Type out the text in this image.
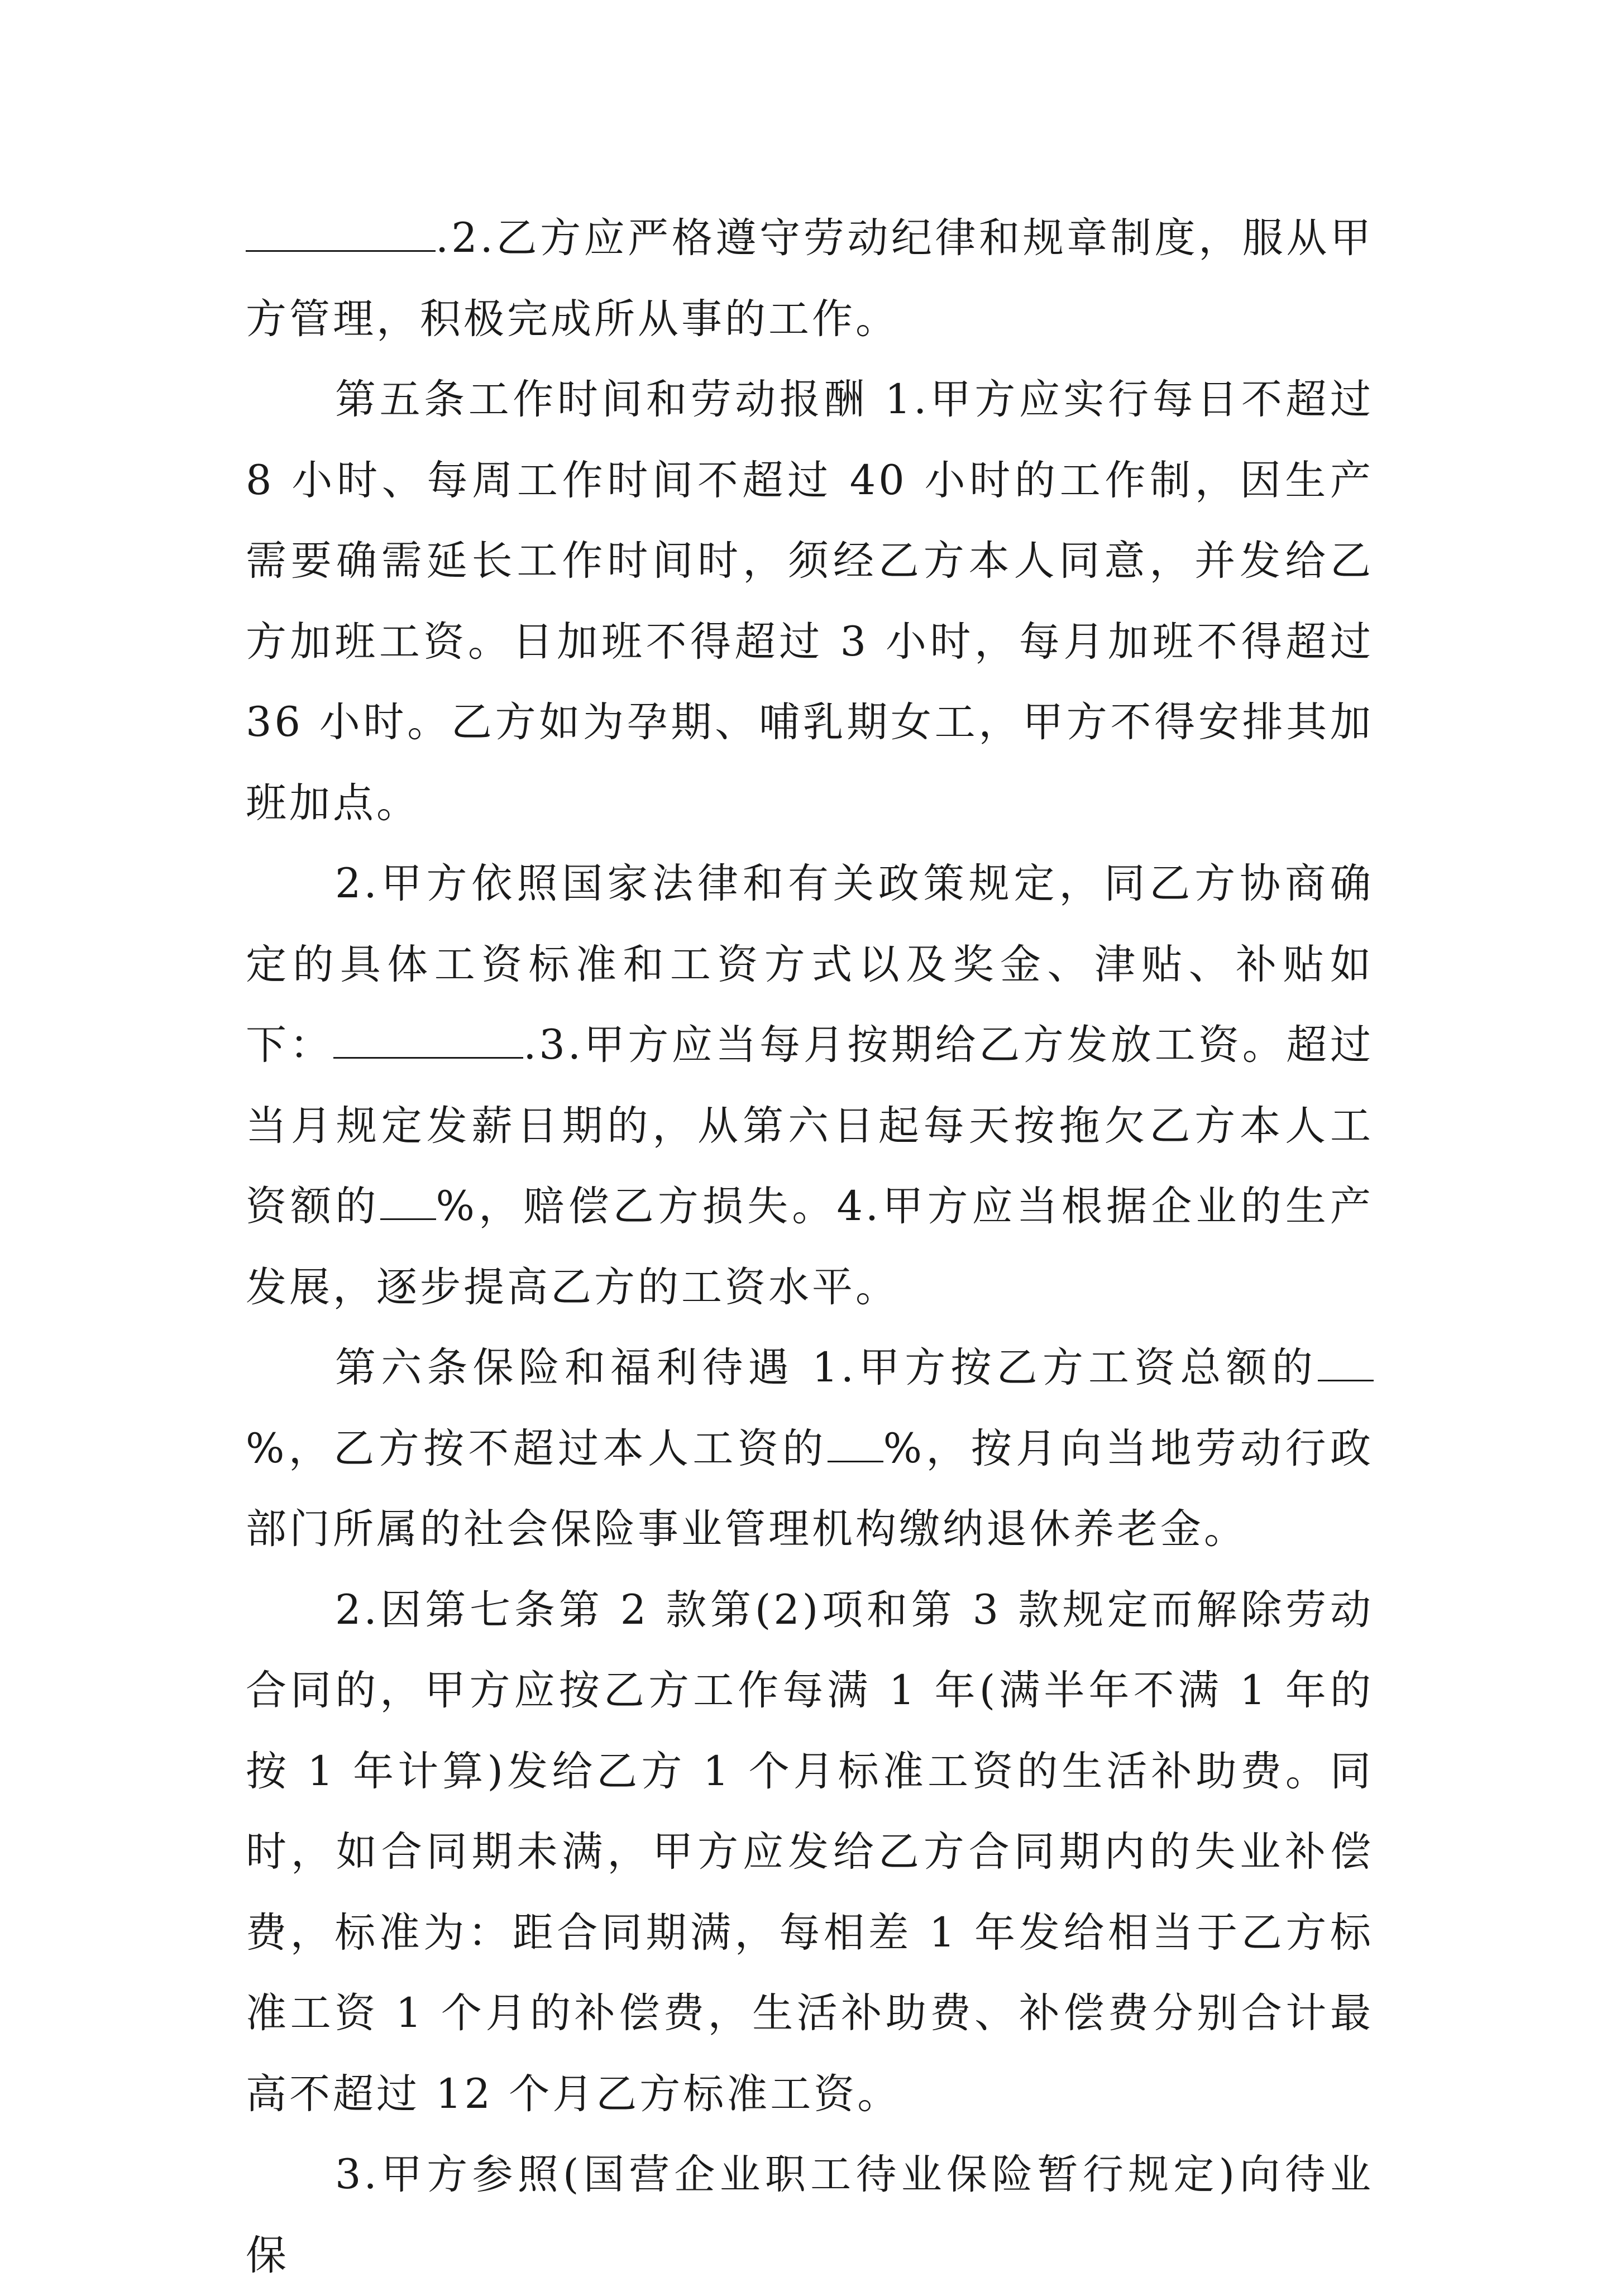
.2.乙方应严格遵守劳动纪律和规章制度，服从甲方管理，积极完成所从事的工作。

第五条工作时间和劳动报酬 1.甲方应实行每日不超过 8 小时、每周工作时间不超过 40 小时的工作制，因生产需要确需延长工作时间时，须经乙方本人同意，并发给乙方加班工资。日加班不得超过 3 小时，每月加班不得超过 36 小时。乙方如为孕期、哺乳期女工，甲方不得安排其加班加点。

2.甲方依照国家法律和有关政策规定，同乙方协商确定的具体工资标准和工资方式以及奖金、津贴、补贴如下：	.3.甲方应当每月按期给乙方发放工资。超过当月规定发薪日期的，从第六日起每天按拖欠乙方本人工资额的 %，赔偿乙方损失。4.甲方应当根据企业的生产发展，逐步提高乙方的工资水平。

第六条保险和福利待遇 1.甲方按乙方工资总额的%，乙方按不超过本人工资的 %，按月向当地劳动行政部门所属的社会保险事业管理机构缴纳退休养老金。

2.因第七条第 2 款第(2)项和第 3 款规定而解除劳动合同的，甲方应按乙方工作每满 1 年(满半年不满 1 年的按 1 年计算)发给乙方 1 个月标准工资的生活补助费。同时，如合同期未满，甲方应发给乙方合同期内的失业补偿费，标准为：距合同期满，每相差 1 年发给相当于乙方标准工资 1 个月的补偿费，生活补助费、补偿费分别合计最高不超过 12 个月乙方标准工资。

3.甲方参照(国营企业职工待业保险暂行规定)向待业保
